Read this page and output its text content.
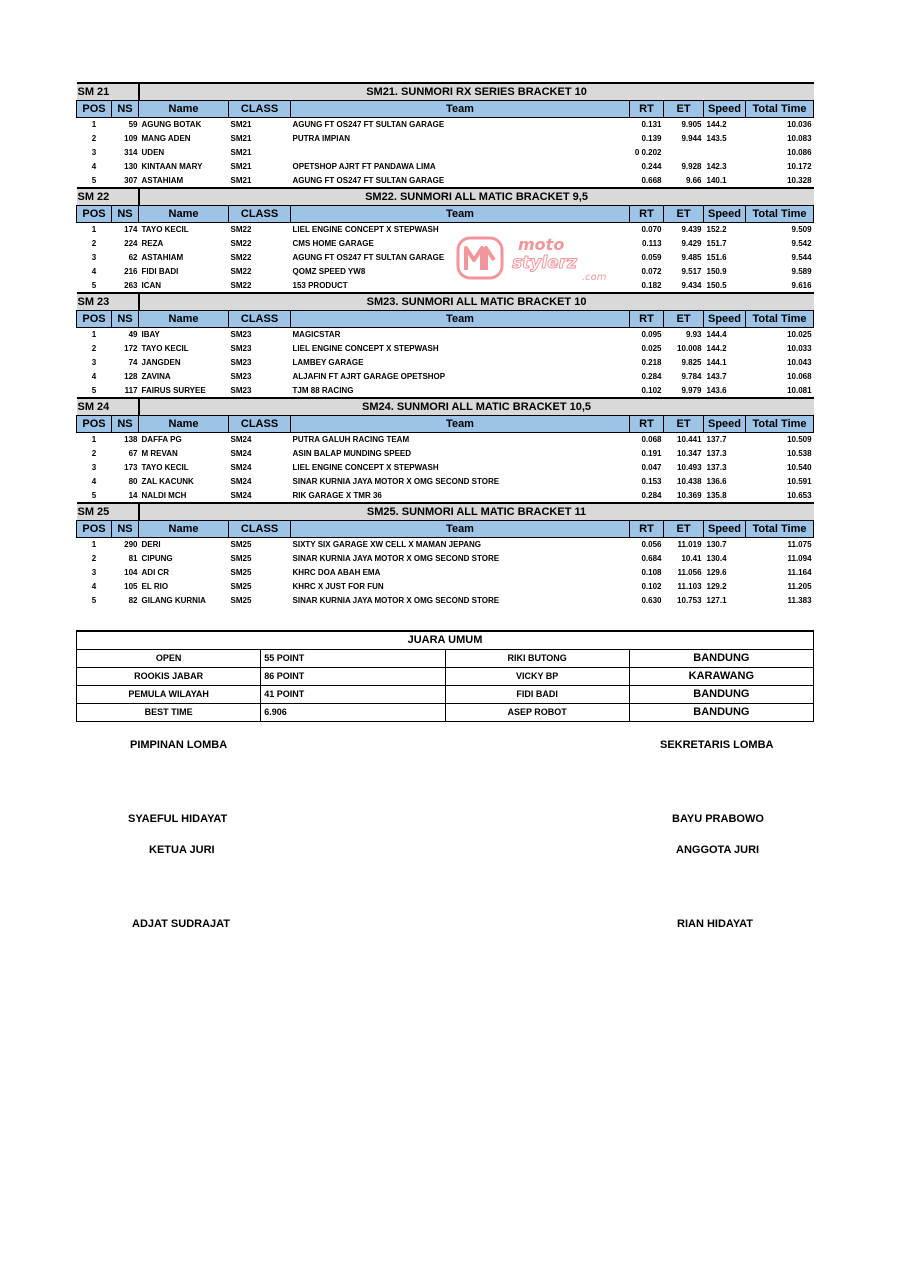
SM 21		SM21. SUNMORI RX SERIES BRACKET 10						
POS	NS	Name	CLASS	Team	RT	ET	Speed	Total Time
1	59	AGUNG BOTAK	SM21	AGUNG FT OS247 FT SULTAN GARAGE	0.131	9.905	144.2	10.036
2	109	MANG ADEN	SM21	PUTRA IMPIAN	0.139	9.944	143.5	10.083
3	314	UDEN	SM21		0 0.202			10.086
4	130	KINTAAN MARY	SM21	OPETSHOP AJRT FT PANDAWA LIMA	0.244	9.928	142.3	10.172
5	307	ASTAHIAM	SM21	AGUNG FT OS247 FT SULTAN GARAGE	0.668	9.66	140.1	10.328
SM 22		SM22. SUNMORI ALL MATIC BRACKET 9,5						
POS	NS	Name	CLASS	Team	RT	ET	Speed	Total Time
1	174	TAYO KECIL	SM22	LIEL ENGINE CONCEPT X STEPWASH	0.070	9.439	152.2	9.509
2	224	REZA	SM22	CMS HOME GARAGE	0.113	9.429	151.7	9.542
3	62	ASTAHIAM	SM22	AGUNG FT OS247 FT SULTAN GARAGE	0.059	9.485	151.6	9.544
4	216	FIDI BADI	SM22	QOMZ SPEED YW8	0.072	9.517	150.9	9.589
5	263	ICAN	SM22	153 PRODUCT	0.182	9.434	150.5	9.616
SM 23		SM23. SUNMORI ALL MATIC BRACKET 10						
POS	NS	Name	CLASS	Team	RT	ET	Speed	Total Time
1	49	IBAY	SM23	MAGICSTAR	0.095	9.93	144.4	10.025
2	172	TAYO KECIL	SM23	LIEL ENGINE CONCEPT X STEPWASH	0.025	10.008	144.2	10.033
3	74	JANGDEN	SM23	LAMBEY GARAGE	0.218	9.825	144.1	10.043
4	128	ZAVINA	SM23	ALJAFIN FT AJRT GARAGE OPETSHOP	0.284	9.784	143.7	10.068
5	117	FAIRUS SURYEE	SM23	TJM 88 RACING	0.102	9.979	143.6	10.081
SM 24		SM24. SUNMORI ALL MATIC BRACKET 10,5						
POS	NS	Name	CLASS	Team	RT	ET	Speed	Total Time
1	138	DAFFA PG	SM24	PUTRA GALUH RACING TEAM	0.068	10.441	137.7	10.509
2	67	M REVAN	SM24	ASIN BALAP MUNDING SPEED	0.191	10.347	137.3	10.538
3	173	TAYO KECIL	SM24	LIEL ENGINE CONCEPT X STEPWASH	0.047	10.493	137.3	10.540
4	80	ZAL KACUNK	SM24	SINAR KURNIA JAYA MOTOR X OMG SECOND STORE	0.153	10.438	136.6	10.591
5	14	NALDI MCH	SM24	RIK GARAGE X TMR 36	0.284	10.369	135.8	10.653
SM 25		SM25. SUNMORI ALL MATIC BRACKET 11						
POS	NS	Name	CLASS	Team	RT	ET	Speed	Total Time
1	290	DERI	SM25	SIXTY SIX GARAGE XW CELL X MAMAN JEPANG	0.056	11.019	130.7	11.075
2	81	CIPUNG	SM25	SINAR KURNIA JAYA MOTOR X OMG SECOND STORE	0.684	10.41	130.4	11.094
3	104	ADI CR	SM25	KHRC DOA ABAH EMA	0.108	11.056	129.6	11.164
4	105	EL RIO	SM25	KHRC X JUST FOR FUN	0.102	11.103	129.2	11.205
5	82	GILANG KURNIA	SM25	SINAR KURNIA JAYA MOTOR X OMG SECOND STORE	0.630	10.753	127.1	11.383
moto
stylerz
.com
JUARA UMUM			
OPEN	55 POINT	RIKI BUTONG	BANDUNG
ROOKIS JABAR	86 POINT	VICKY BP	KARAWANG
PEMULA WILAYAH	41 POINT	FIDI BADI	BANDUNG
BEST TIME	6.906	ASEP ROBOT	BANDUNG
PIMPINAN LOMBA	SEKRETARIS LOMBA
SYAEFUL HIDAYAT	BAYU PRABOWO
KETUA JURI	ANGGOTA JURI
ADJAT SUDRAJAT	RIAN HIDAYAT
